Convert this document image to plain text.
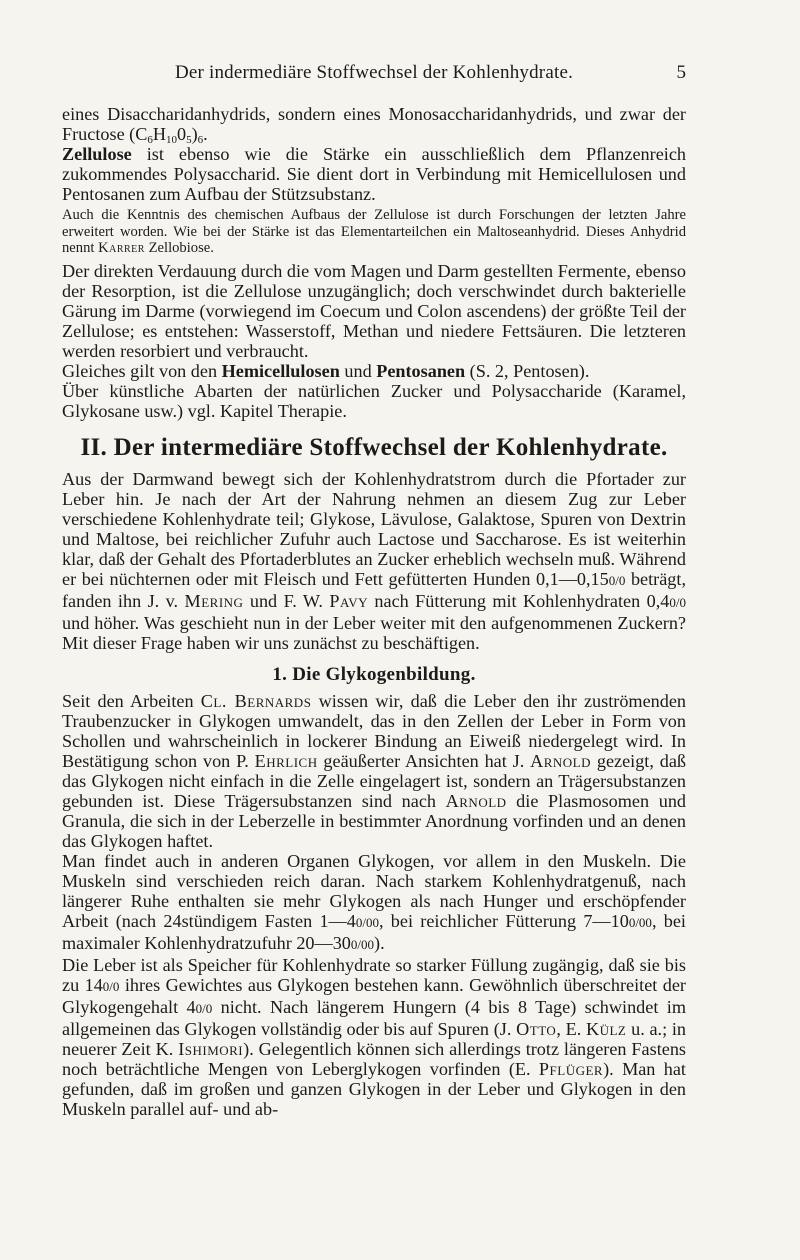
Der indermediäre Stoffwechsel der Kohlenhydrate.	5

eines Disaccharidanhydrids, sondern eines Monosaccharidanhydrids, und zwar der Fructose $(C_6H_{10}0_5)_6$.

Zellulose ist ebenso wie die Stärke ein ausschließlich dem Pflanzenreich zukommendes Polysaccharid. Sie dient dort in Verbindung mit Hemicellulosen und Pentosanen zum Aufbau der Stützsubstanz.

Auch die Kenntnis des chemischen Aufbaus der Zellulose ist durch Forschungen der letzten Jahre erweitert worden. Wie bei der Stärke ist das Elementarteilchen ein Maltoseanhydrid. Dieses Anhydrid nennt Karrer Zellobiose.

Der direkten Verdauung durch die vom Magen und Darm gestellten Fermente, ebenso der Resorption, ist die Zellulose unzugänglich; doch verschwindet durch bakterielle Gärung im Darme (vorwiegend im Coecum und Colon ascendens) der größte Teil der Zellulose; es entstehen: Wasserstoff, Methan und niedere Fettsäuren. Die letzteren werden resorbiert und verbraucht.

Gleiches gilt von den Hemicellulosen und Pentosanen (S. 2, Pentosen).

Über künstliche Abarten der natürlichen Zucker und Polysaccharide (Karamel, Glykosane usw.) vgl. Kapitel Therapie.

II. Der intermediäre Stoffwechsel der Kohlenhydrate.

Aus der Darmwand bewegt sich der Kohlenhydratstrom durch die Pfortader zur Leber hin. Je nach der Art der Nahrung nehmen an diesem Zug zur Leber verschiedene Kohlenhydrate teil; Glykose, Lävulose, Galaktose, Spuren von Dextrin und Maltose, bei reichlicher Zufuhr auch Lactose und Saccharose. Es ist weiterhin klar, daß der Gehalt des Pfortaderblutes an Zucker erheblich wechseln muß. Während er bei nüchternen oder mit Fleisch und Fett gefütterten Hunden 0,1—0,150/0 beträgt, fanden ihn J. v. Mering und F. W. Pavy nach Fütterung mit Kohlenhydraten 0,40/0 und höher. Was geschieht nun in der Leber weiter mit den aufgenommenen Zuckern? Mit dieser Frage haben wir uns zunächst zu beschäftigen.

1. Die Glykogenbildung.

Seit den Arbeiten Cl. Bernards wissen wir, daß die Leber den ihr zuströmenden Traubenzucker in Glykogen umwandelt, das in den Zellen der Leber in Form von Schollen und wahrscheinlich in lockerer Bindung an Eiweiß niedergelegt wird. In Bestätigung schon von P. Ehrlich geäußerter Ansichten hat J. Arnold gezeigt, daß das Glykogen nicht einfach in die Zelle eingelagert ist, sondern an Trägersubstanzen gebunden ist. Diese Trägersubstanzen sind nach Arnold die Plasmosomen und Granula, die sich in der Leberzelle in bestimmter Anordnung vorfinden und an denen das Glykogen haftet.

Man findet auch in anderen Organen Glykogen, vor allem in den Muskeln. Die Muskeln sind verschieden reich daran. Nach starkem Kohlenhydratgenuß, nach längerer Ruhe enthalten sie mehr Glykogen als nach Hunger und erschöpfender Arbeit (nach 24stündigem Fasten 1—40/00, bei reichlicher Fütterung 7—100/00, bei maximaler Kohlenhydratzufuhr 20—300/00).

Die Leber ist als Speicher für Kohlenhydrate so starker Füllung zugängig, daß sie bis zu 140/0 ihres Gewichtes aus Glykogen bestehen kann. Gewöhnlich überschreitet der Glykogengehalt 40/0 nicht. Nach längerem Hungern (4 bis 8 Tage) schwindet im allgemeinen das Glykogen vollständig oder bis auf Spuren (J. Otto, E. Külz u. a.; in neuerer Zeit K. Ishimori). Gelegentlich können sich allerdings trotz längeren Fastens noch beträchtliche Mengen von Leberglykogen vorfinden (E. Pflüger). Man hat gefunden, daß im großen und ganzen Glykogen in der Leber und Glykogen in den Muskeln parallel auf- und ab-
